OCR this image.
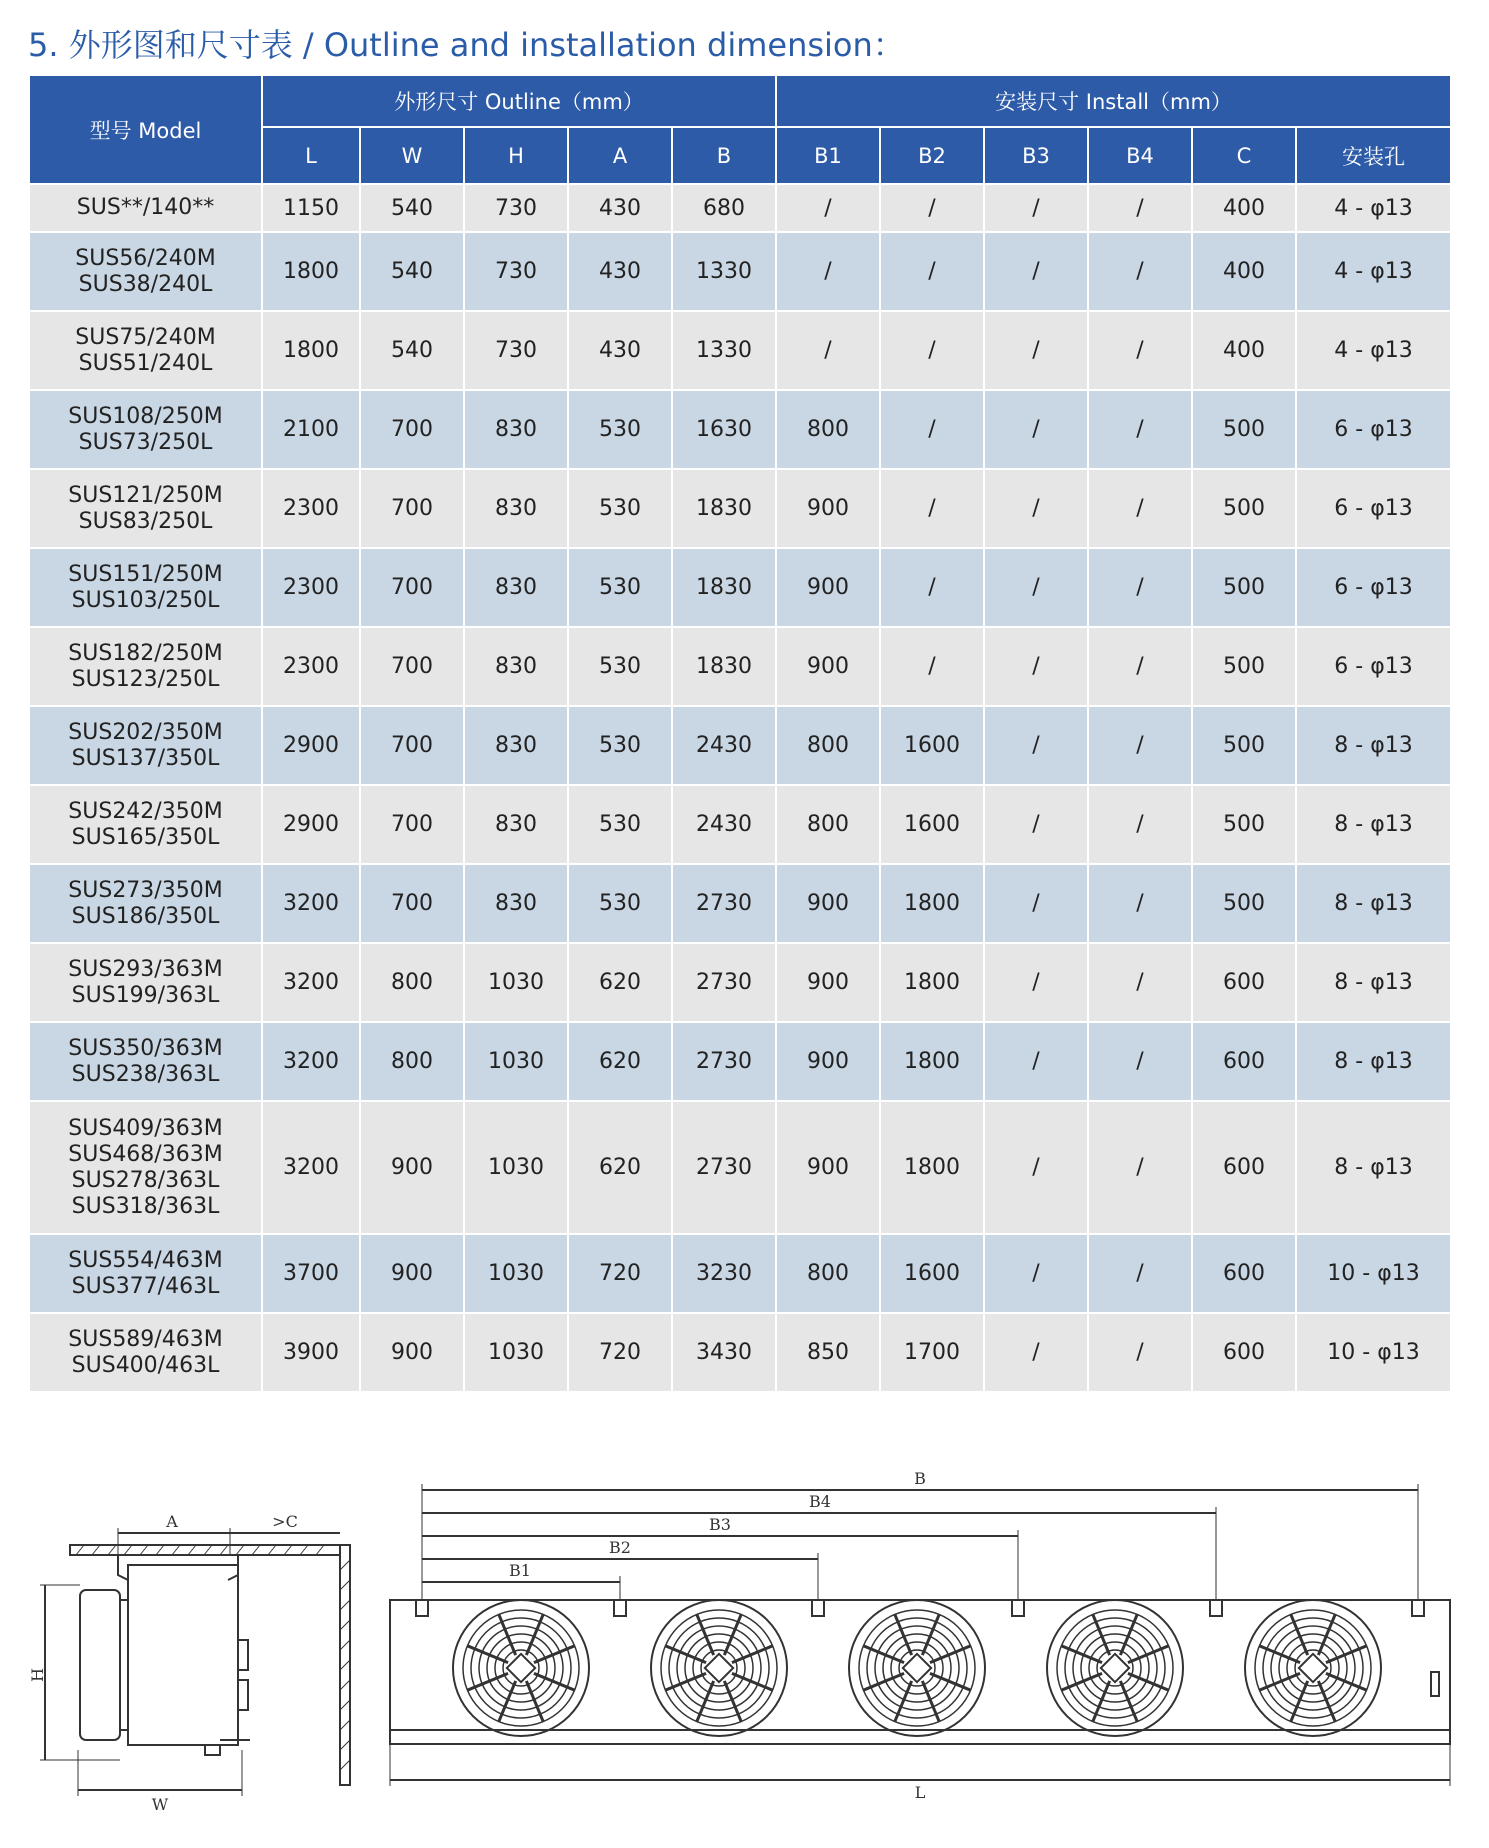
5. 外形图和尺寸表 / Outline and installation dimension：
型号 Model	外形尺寸 Outline（mm）					安装尺寸 Install（mm）					
	L	W	H	A	B	B1	B2	B3	B4	C	安装孔

SUS**/140**	1150	540	730	430	680	/	/	/	/	400	4 - φ13

SUS56/240M
SUS38/240L	1800	540	730	430	1330	/	/	/	/	400	4 - φ13

SUS75/240M
SUS51/240L	1800	540	730	430	1330	/	/	/	/	400	4 - φ13

SUS108/250M
SUS73/250L	2100	700	830	530	1630	800	/	/	/	500	6 - φ13

SUS121/250M
SUS83/250L	2300	700	830	530	1830	900	/	/	/	500	6 - φ13

SUS151/250M
SUS103/250L	2300	700	830	530	1830	900	/	/	/	500	6 - φ13

SUS182/250M
SUS123/250L	2300	700	830	530	1830	900	/	/	/	500	6 - φ13

SUS202/350M
SUS137/350L	2900	700	830	530	2430	800	1600	/	/	500	8 - φ13

SUS242/350M
SUS165/350L	2900	700	830	530	2430	800	1600	/	/	500	8 - φ13

SUS273/350M
SUS186/350L	3200	700	830	530	2730	900	1800	/	/	500	8 - φ13

SUS293/363M
SUS199/363L	3200	800	1030	620	2730	900	1800	/	/	600	8 - φ13

SUS350/363M
SUS238/363L	3200	800	1030	620	2730	900	1800	/	/	600	8 - φ13

SUS409/363M
SUS468/363M
SUS278/363L
SUS318/363L	3200	900	1030	620	2730	900	1800	/	/	600	8 - φ13

SUS554/463M
SUS377/463L	3700	900	1030	720	3230	800	1600	/	/	600	10 - φ13

SUS589/463M
SUS400/463L	3900	900	1030	720	3430	850	1700	/	/	600	10 - φ13
A	>C
H
W
B
B4
B3
B2
B1
L
